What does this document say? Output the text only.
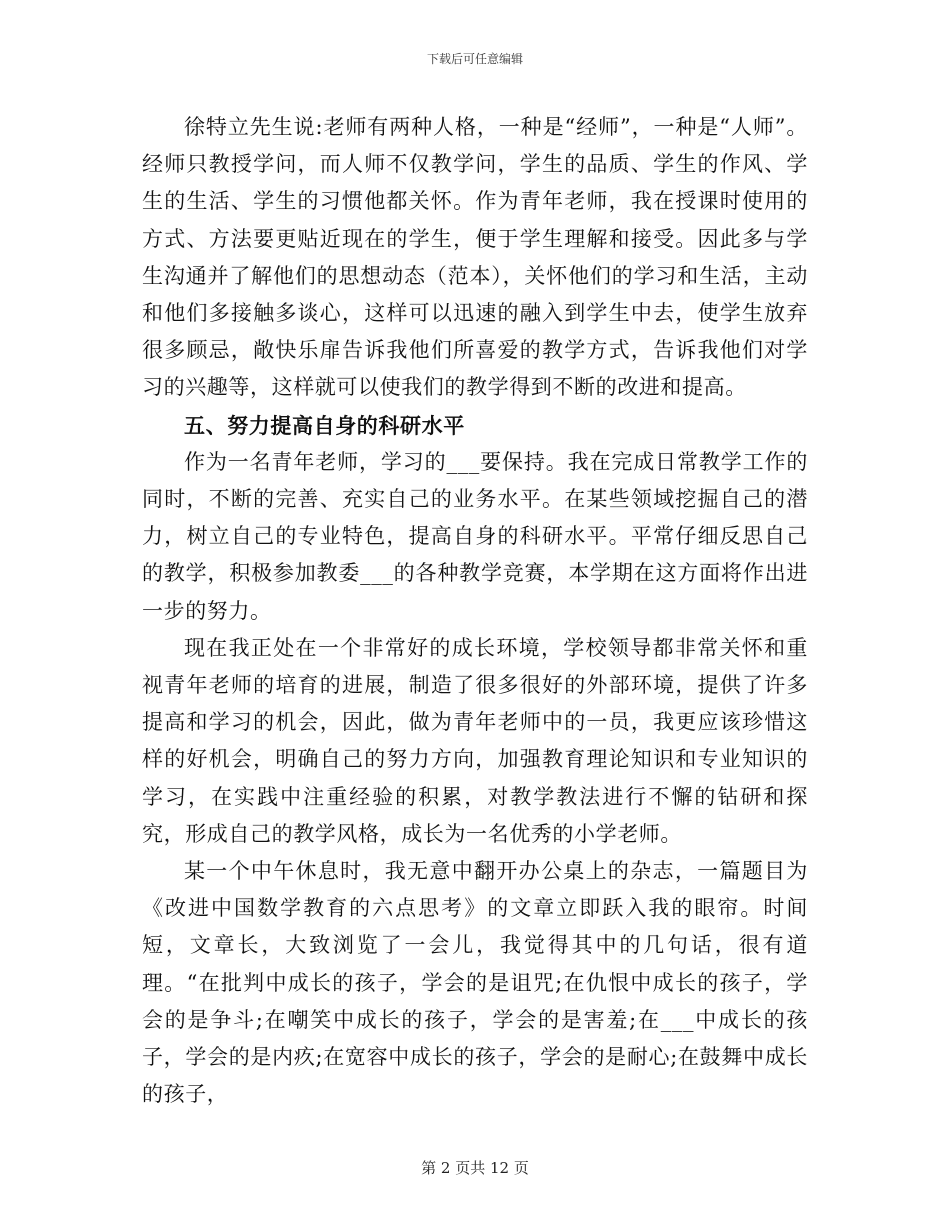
下载后可任意编辑

徐特立先生说:老师有两种人格，一种是“经师”，一种是“人师”。经师只教授学问，而人师不仅教学问，学生的品质、学生的作风、学生的生活、学生的习惯他都关怀。作为青年老师，我在授课时使用的方式、方法要更贴近现在的学生，便于学生理解和接受。因此多与学生沟通并了解他们的思想动态（范本），关怀他们的学习和生活，主动和他们多接触多谈心，这样可以迅速的融入到学生中去，使学生放弃很多顾忌，敞快乐扉告诉我他们所喜爱的教学方式，告诉我他们对学习的兴趣等，这样就可以使我们的教学得到不断的改进和提高。

五、努力提高自身的科研水平

作为一名青年老师，学习的___要保持。我在完成日常教学工作的同时，不断的完善、充实自己的业务水平。在某些领域挖掘自己的潜力，树立自己的专业特色，提高自身的科研水平。平常仔细反思自己的教学，积极参加教委___的各种教学竞赛，本学期在这方面将作出进一步的努力。

现在我正处在一个非常好的成长环境，学校领导都非常关怀和重视青年老师的培育的进展，制造了很多很好的外部环境，提供了许多提高和学习的机会，因此，做为青年老师中的一员，我更应该珍惜这样的好机会，明确自己的努力方向，加强教育理论知识和专业知识的学习，在实践中注重经验的积累，对教学教法进行不懈的钻研和探究，形成自己的教学风格，成长为一名优秀的小学老师。

某一个中午休息时，我无意中翻开办公桌上的杂志，一篇题目为《改进中国数学教育的六点思考》的文章立即跃入我的眼帘。时间短，文章长，大致浏览了一会儿，我觉得其中的几句话，很有道理。“在批判中成长的孩子，学会的是诅咒;在仇恨中成长的孩子，学会的是争斗;在嘲笑中成长的孩子，学会的是害羞;在___中成长的孩子，学会的是内疚;在宽容中成长的孩子，学会的是耐心;在鼓舞中成长的孩子，

第 2 页共 12 页
